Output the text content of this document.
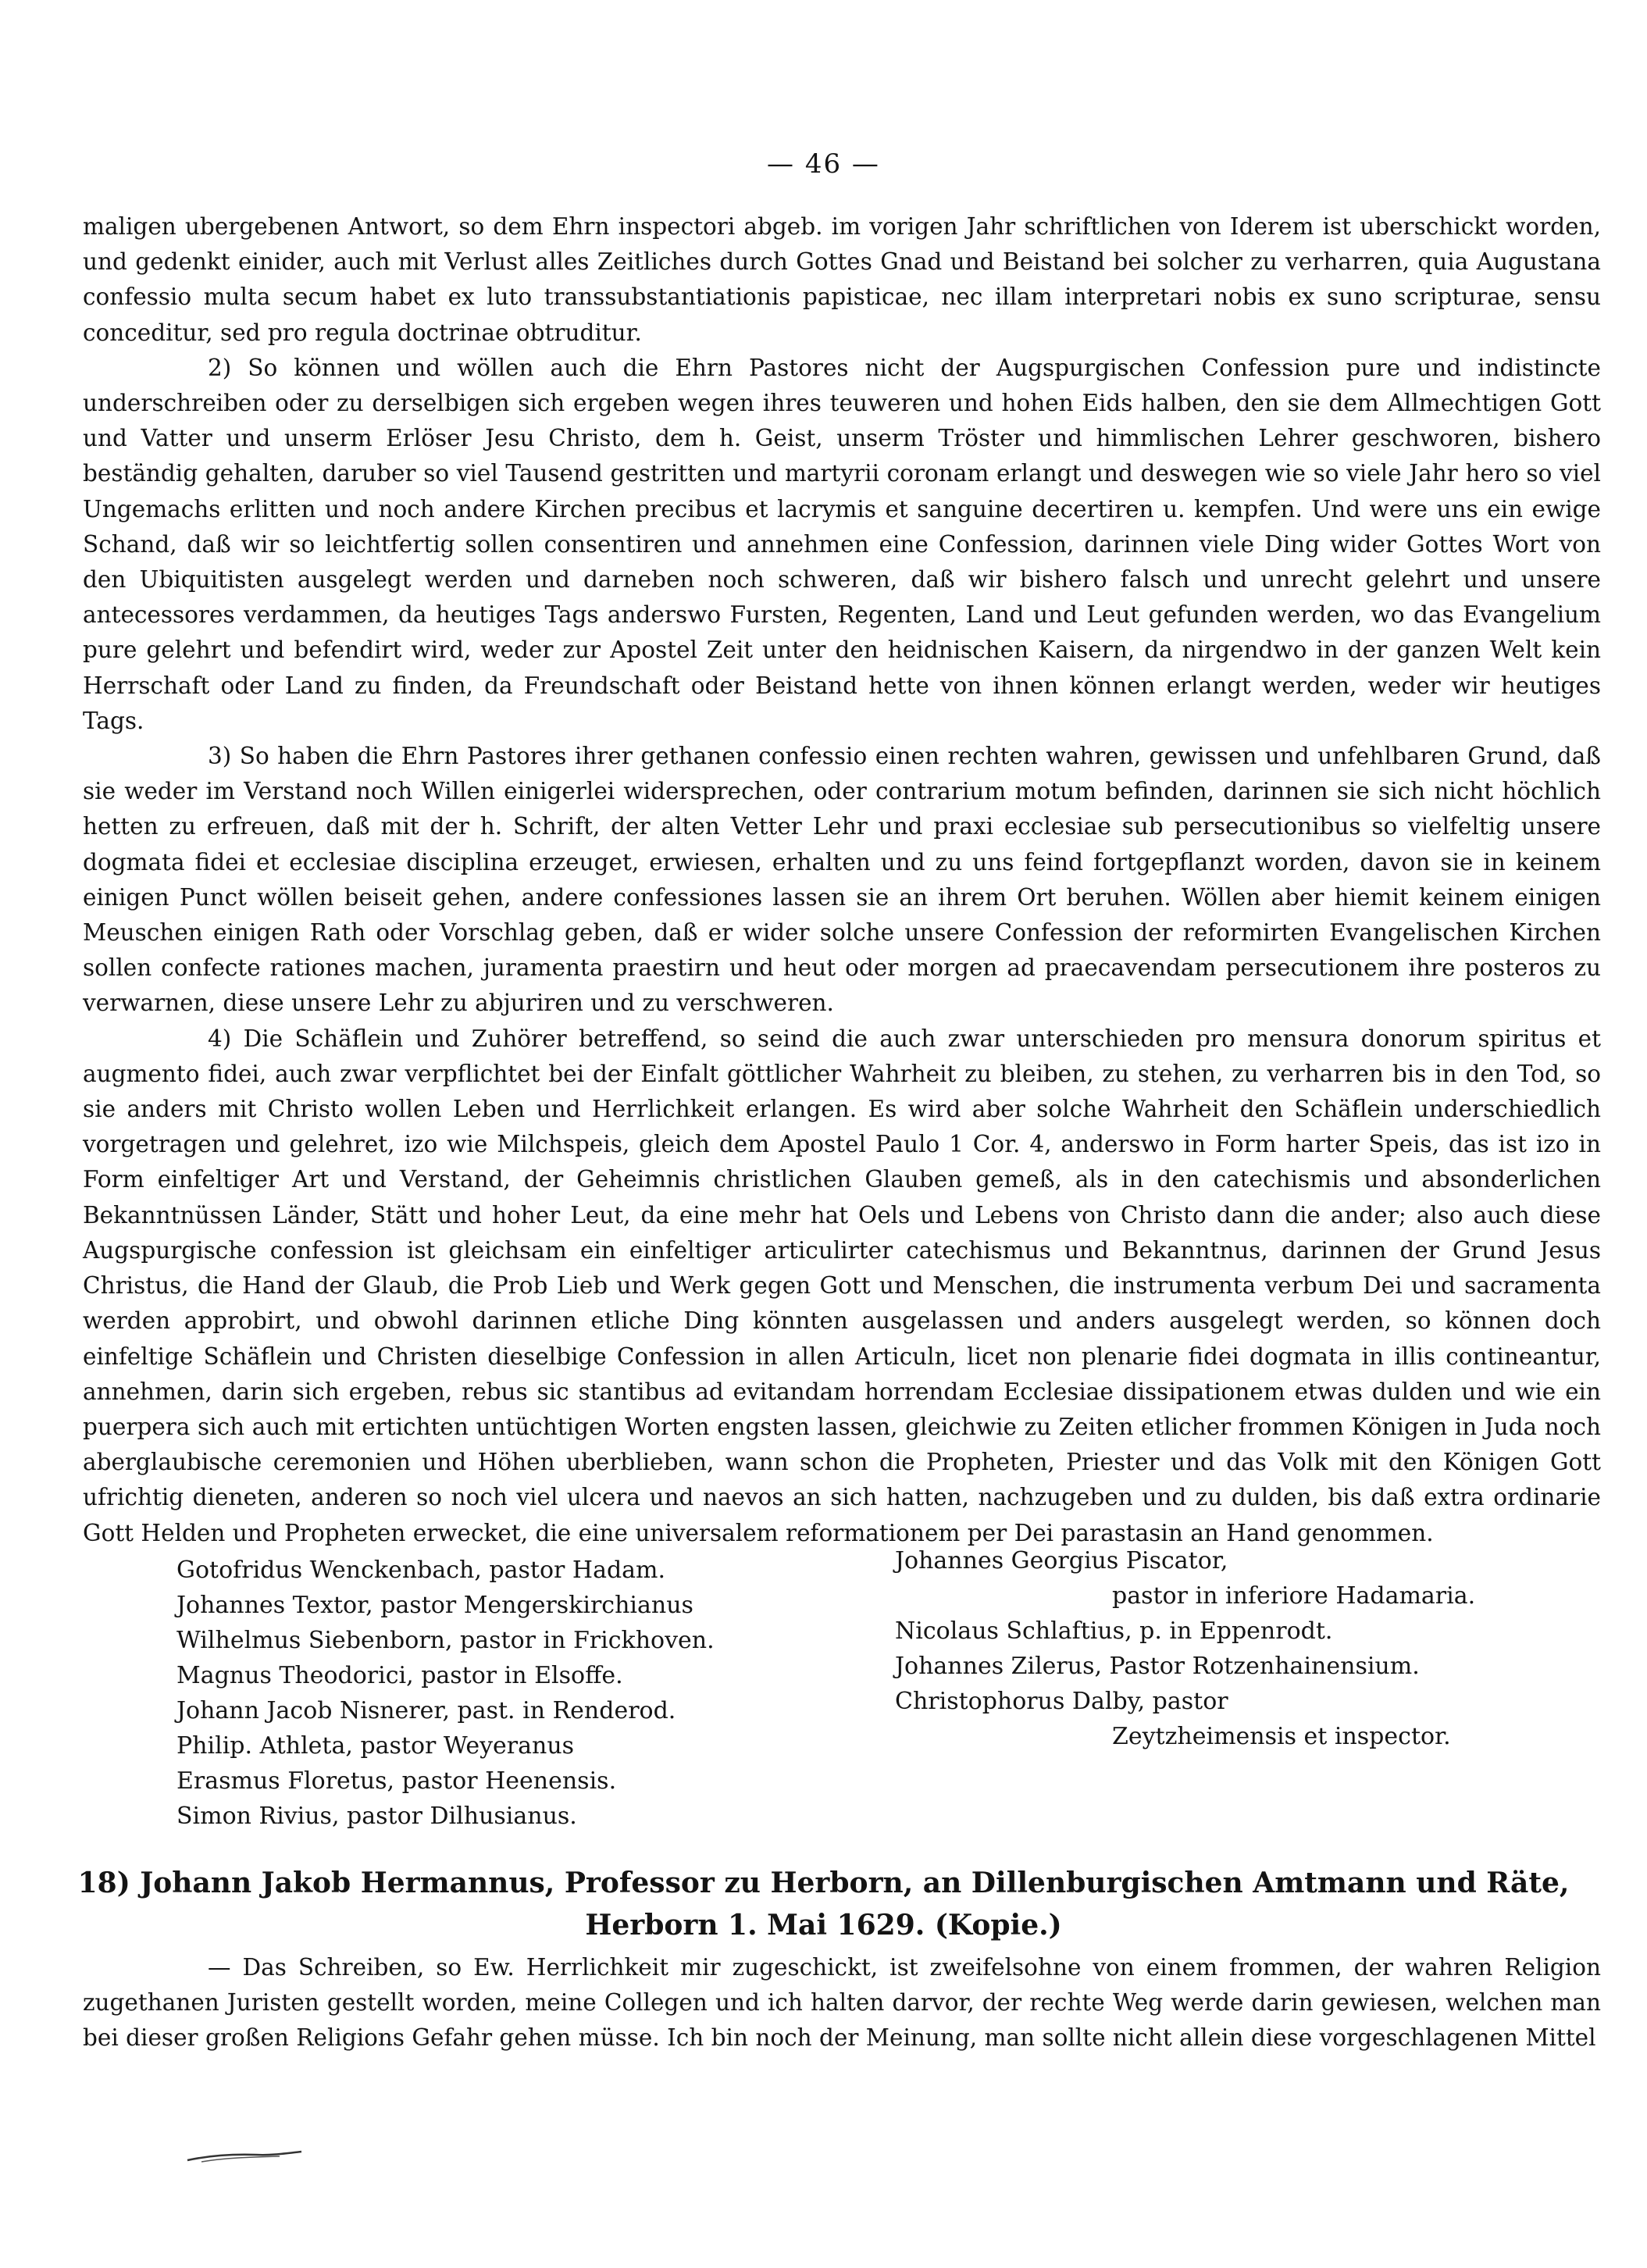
— 46 —

maligen ubergebenen Antwort, so dem Ehrn inspectori abgeb. im vorigen Jahr schriftlichen von Iderem ist uberschickt worden, und gedenkt einider, auch mit Verlust alles Zeitliches durch Gottes Gnad und Beistand bei solcher zu verharren, quia Augustana confessio multa secum habet ex luto transsubstantiationis papisticae, nec illam interpretari nobis ex suno scripturae, sensu conceditur, sed pro regula doctrinae obtruditur.

2) So können und wöllen auch die Ehrn Pastores nicht der Augspurgischen Confession pure und indistincte underschreiben oder zu derselbigen sich ergeben wegen ihres teuweren und hohen Eids halben, den sie dem Allmechtigen Gott und Vatter und unserm Erlöser Jesu Christo, dem h. Geist, unserm Tröster und himmlischen Lehrer geschworen, bishero beständig gehalten, daruber so viel Tausend gestritten und martyrii coronam erlangt und deswegen wie so viele Jahr hero so viel Ungemachs erlitten und noch andere Kirchen precibus et lacrymis et sanguine decertiren u. kempfen. Und were uns ein ewige Schand, daß wir so leichtfertig sollen consentiren und annehmen eine Confession, darinnen viele Ding wider Gottes Wort von den Ubiquitisten ausgelegt werden und darneben noch schweren, daß wir bishero falsch und unrecht gelehrt und unsere antecessores verdammen, da heutiges Tags anderswo Fursten, Regenten, Land und Leut gefunden werden, wo das Evangelium pure gelehrt und befendirt wird, weder zur Apostel Zeit unter den heidnischen Kaisern, da nirgendwo in der ganzen Welt kein Herrschaft oder Land zu finden, da Freundschaft oder Beistand hette von ihnen können erlangt werden, weder wir heutiges Tags.

3) So haben die Ehrn Pastores ihrer gethanen confessio einen rechten wahren, gewissen und unfehlbaren Grund, daß sie weder im Verstand noch Willen einigerlei widersprechen, oder contrarium motum befinden, darinnen sie sich nicht höchlich hetten zu erfreuen, daß mit der h. Schrift, der alten Vetter Lehr und praxi ecclesiae sub persecutionibus so vielfeltig unsere dogmata fidei et ecclesiae disciplina erzeuget, erwiesen, erhalten und zu uns feind fortgepflanzt worden, davon sie in keinem einigen Punct wöllen beiseit gehen, andere confessiones lassen sie an ihrem Ort beruhen. Wöllen aber hiemit keinem einigen Meuschen einigen Rath oder Vorschlag geben, daß er wider solche unsere Confession der reformirten Evangelischen Kirchen sollen confecte rationes machen, juramenta praestirn und heut oder morgen ad praecavendam persecutionem ihre posteros zu verwarnen, diese unsere Lehr zu abjuriren und zu verschweren.

4) Die Schäflein und Zuhörer betreffend, so seind die auch zwar unterschieden pro mensura donorum spiritus et augmento fidei, auch zwar verpflichtet bei der Einfalt göttlicher Wahrheit zu bleiben, zu stehen, zu verharren bis in den Tod, so sie anders mit Christo wollen Leben und Herrlichkeit erlangen. Es wird aber solche Wahrheit den Schäflein underschiedlich vorgetragen und gelehret, izo wie Milchspeis, gleich dem Apostel Paulo 1 Cor. 4, anderswo in Form harter Speis, das ist izo in Form einfeltiger Art und Verstand, der Geheimnis christlichen Glauben gemeß, als in den catechismis und absonderlichen Bekanntnüssen Länder, Stätt und hoher Leut, da eine mehr hat Oels und Lebens von Christo dann die ander; also auch diese Augspurgische confession ist gleichsam ein einfeltiger articulirter catechismus und Bekanntnus, darinnen der Grund Jesus Christus, die Hand der Glaub, die Prob Lieb und Werk gegen Gott und Menschen, die instrumenta verbum Dei und sacramenta werden approbirt, und obwohl darinnen etliche Ding könnten ausgelassen und anders ausgelegt werden, so können doch einfeltige Schäflein und Christen dieselbige Confession in allen Articuln, licet non plenarie fidei dogmata in illis contineantur, annehmen, darin sich ergeben, rebus sic stantibus ad evitandam horrendam Ecclesiae dissipationem etwas dulden und wie ein puerpera sich auch mit ertichten untüchtigen Worten engsten lassen, gleichwie zu Zeiten etlicher frommen Königen in Juda noch aberglaubische ceremonien und Höhen uberblieben, wann schon die Propheten, Priester und das Volk mit den Königen Gott ufrichtig dieneten, anderen so noch viel ulcera und naevos an sich hatten, nachzugeben und zu dulden, bis daß extra ordinarie Gott Helden und Propheten erwecket, die eine universalem reformationem per Dei parastasin an Hand genommen.

Gotofridus Wenckenbach, pastor Hadam.
Johannes Textor, pastor Mengerskirchianus
Wilhelmus Siebenborn, pastor in Frickhoven.
Magnus Theodorici, pastor in Elsoffe.
Johann Jacob Nisnerer, past. in Renderod.
Philip. Athleta, pastor Weyeranus
Erasmus Floretus, pastor Heenensis.
Simon Rivius, pastor Dilhusianus.
Johannes Georgius Piscator,
pastor in inferiore Hadamaria.
Nicolaus Schlaftius, p. in Eppenrodt.
Johannes Zilerus, Pastor Rotzenhainensium.
Christophorus Dalby, pastor
Zeytzheimensis et inspector.
18) Johann Jakob Hermannus, Professor zu Herborn, an Dillenburgischen Amtmann und Räte,
Herborn 1. Mai 1629. (Kopie.)

— Das Schreiben, so Ew. Herrlichkeit mir zugeschickt, ist zweifelsohne von einem frommen, der wahren Religion zugethanen Juristen gestellt worden, meine Collegen und ich halten darvor, der rechte Weg werde darin gewiesen, welchen man bei dieser großen Religions Gefahr gehen müsse. Ich bin noch der Meinung, man sollte nicht allein diese vorgeschlagenen Mittel
